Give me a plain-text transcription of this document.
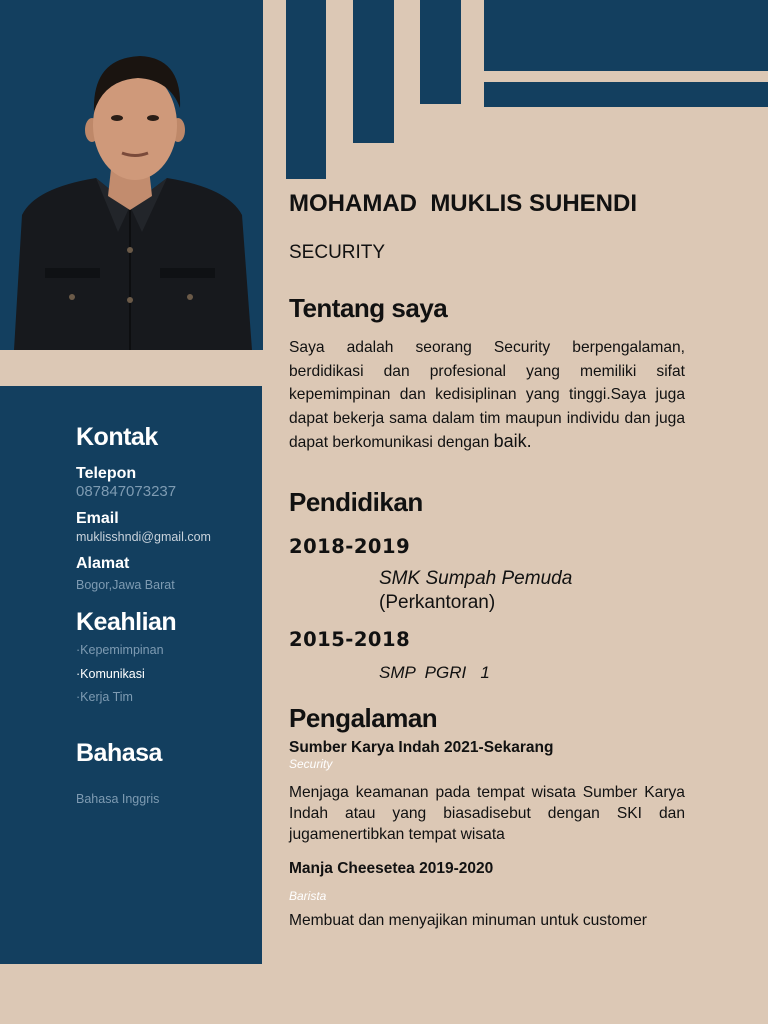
Kontak
Telepon
087847073237
Email
muklisshndi@gmail.com
Alamat
Bogor,Jawa Barat
Keahlian
·Kepemimpinan
·Komunikasi
·Kerja Tim
Bahasa
Bahasa Inggris
MOHAMAD  MUKLIS SUHENDI
SECURITY
Tentang saya
Saya adalah seorang Security berpengalaman, berdidikasi dan profesional yang memiliki sifat kepemimpinan dan kedisiplinan yang tinggi.Saya juga dapat bekerja sama dalam tim maupun individu dan juga dapat berkomunikasi dengan baik.
Pendidikan
2018-2019
SMK Sumpah Pemuda
(Perkantoran)
2015-2018
SMP  PGRI   1
Pengalaman
Sumber Karya Indah 2021-Sekarang
Security
Menjaga keamanan pada tempat wisata Sumber Karya Indah atau yang biasadisebut dengan SKI dan jugamenertibkan tempat wisata
Manja Cheesetea 2019-2020
Barista
Membuat dan menyajikan minuman untuk customer
